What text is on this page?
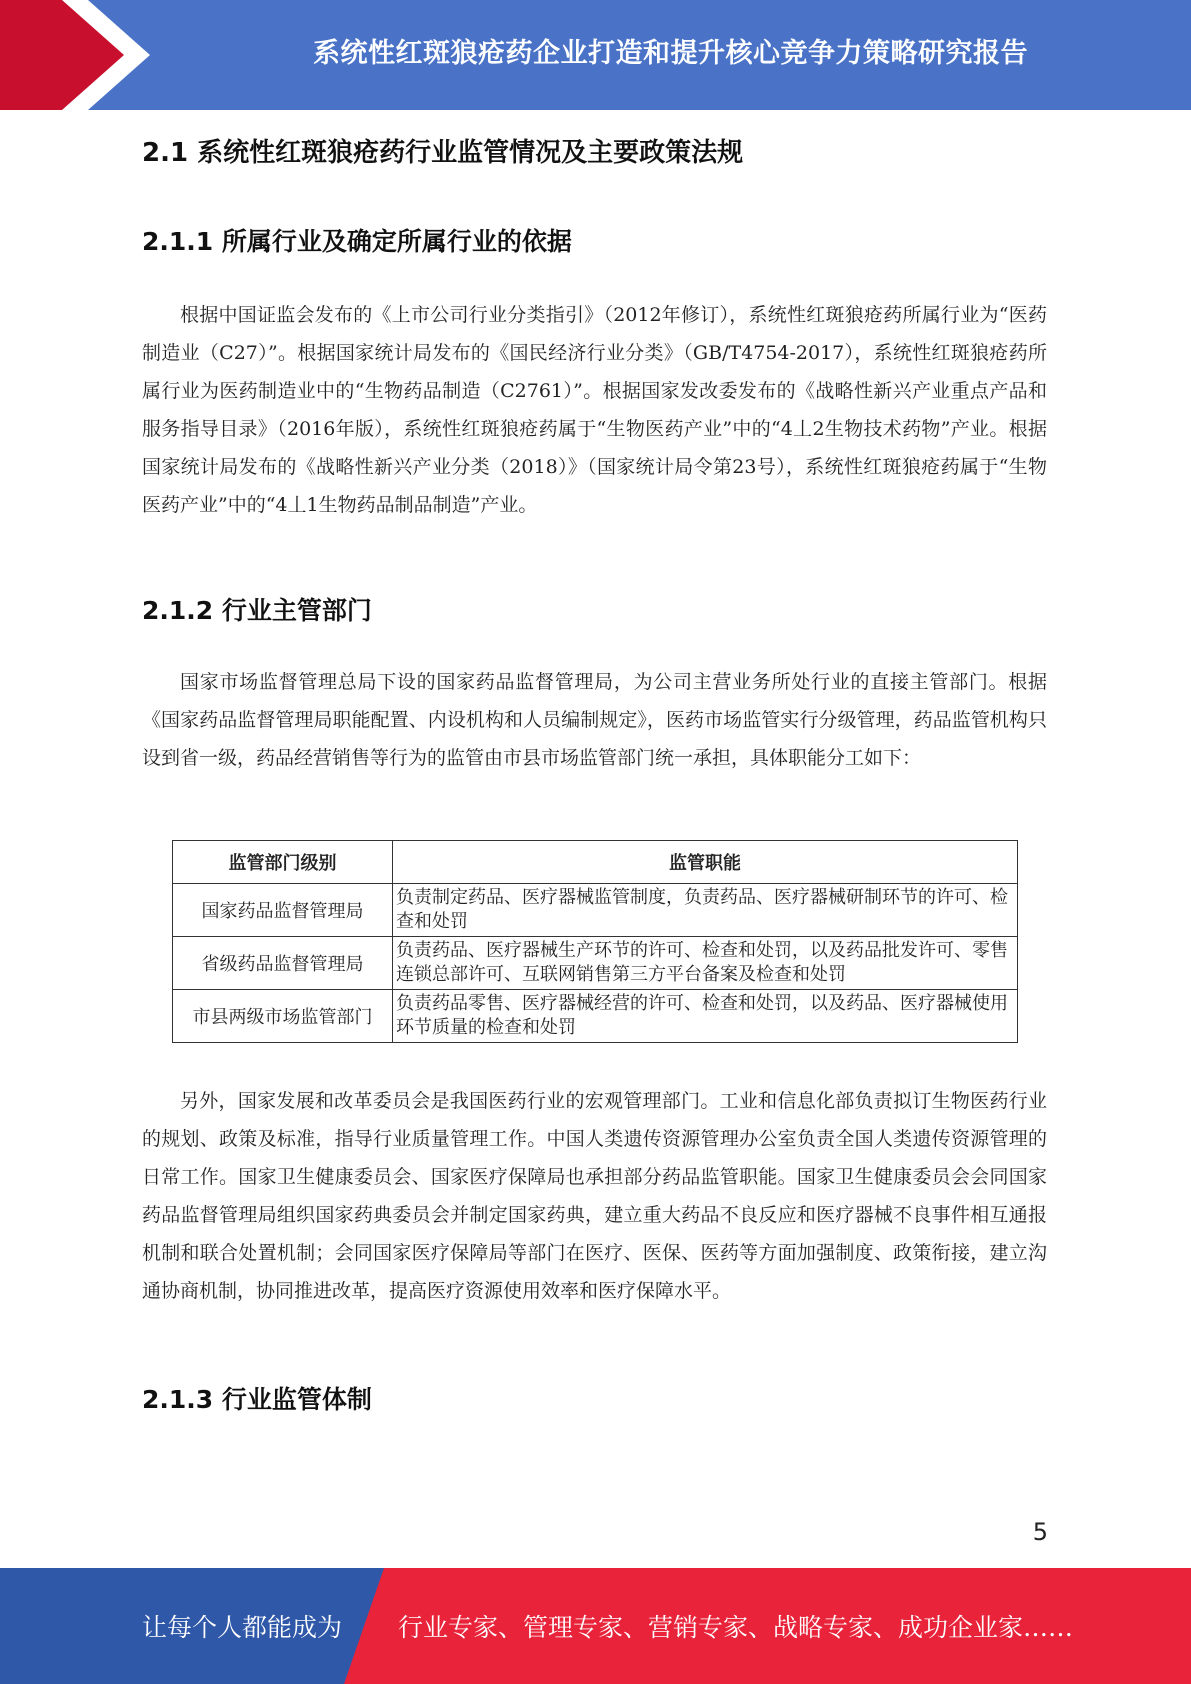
系统性红斑狼疮药企业打造和提升核心竞争力策略研究报告
2.1 系统性红斑狼疮药行业监管情况及主要政策法规
2.1.1 所属行业及确定所属行业的依据

根据中国证监会发布的《上市公司行业分类指引》（2012年修订），系统性红斑狼疮药所属行业为“医药制造业（C27）”。根据国家统计局发布的《国民经济行业分类》（GB/T4754-2017），系统性红斑狼疮药所属行业为医药制造业中的“生物药品制造（C2761）”。根据国家发改委发布的《战略性新兴产业重点产品和服务指导目录》（2016年版），系统性红斑狼疮药属于“生物医药产业”中的“4丄2生物技术药物”产业。根据国家统计局发布的《战略性新兴产业分类（2018）》（国家统计局令第23号），系统性红斑狼疮药属于“生物医药产业”中的“4丄1生物药品制品制造”产业。

2.1.2 行业主管部门

国家市场监督管理总局下设的国家药品监督管理局，为公司主营业务所处行业的直接主管部门。根据《国家药品监督管理局职能配置、内设机构和人员编制规定》，医药市场监管实行分级管理，药品监管机构只设到省一级，药品经营销售等行为的监管由市县市场监管部门统一承担，具体职能分工如下：

监管部门级别	监管职能
国家药品监督管理局	负责制定药品、医疗器械监管制度，负责药品、医疗器械研制环节的许可、检查和处罚
省级药品监督管理局	负责药品、医疗器械生产环节的许可、检查和处罚，以及药品批发许可、零售连锁总部许可、互联网销售第三方平台备案及检查和处罚
市县两级市场监管部门	负责药品零售、医疗器械经营的许可、检查和处罚，以及药品、医疗器械使用环节质量的检查和处罚

另外，国家发展和改革委员会是我国医药行业的宏观管理部门。工业和信息化部负责拟订生物医药行业的规划、政策及标准，指导行业质量管理工作。中国人类遗传资源管理办公室负责全国人类遗传资源管理的日常工作。国家卫生健康委员会、国家医疗保障局也承担部分药品监管职能。国家卫生健康委员会会同国家药品监督管理局组织国家药典委员会并制定国家药典，建立重大药品不良反应和医疗器械不良事件相互通报机制和联合处置机制；会同国家医疗保障局等部门在医疗、医保、医药等方面加强制度、政策衔接，建立沟通协商机制，协同推进改革，提高医疗资源使用效率和医疗保障水平。

2.1.3 行业监管体制
5
让每个人都能成为 行业专家、管理专家、营销专家、战略专家、成功企业家……
